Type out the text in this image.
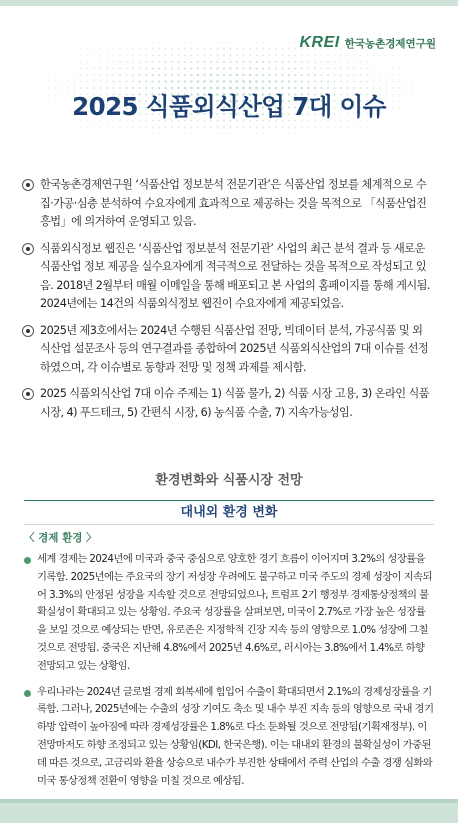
KREI 한국농촌경제연구원
2025 식품외식산업 7대 이슈
한국농촌경제연구원 ‘식품산업 정보분석 전문기관’은 식품산업 정보를 체계적으로 수집·가공·심층 분석하여 수요자에게 효과적으로 제공하는 것을 목적으로 「식품산업진흥법」에 의거하여 운영되고 있음.
식품외식정보 웹진은 ‘식품산업 정보분석 전문기관’ 사업의 최근 분석 결과 등 새로운 식품산업 정보 제공을 실수요자에게 적극적으로 전달하는 것을 목적으로 작성되고 있음. 2018년 2월부터 매월 이메일을 통해 배포되고 본 사업의 홈페이지를 통해 게시됨. 2024년에는 14건의 식품외식정보 웹진이 수요자에게 제공되었음.
2025년 제3호에서는 2024년 수행된 식품산업 전망, 빅데이터 분석, 가공식품 및 외식산업 설문조사 등의 연구결과를 종합하여 2025년 식품외식산업의 7대 이슈를 선정하였으며, 각 이슈별로 동향과 전망 및 정책 과제를 제시함.
2025 식품외식산업 7대 이슈 주제는 1) 식품 물가, 2) 식품 시장 고용, 3) 온라인 식품시장, 4) 푸드테크, 5) 간편식 시장, 6) 농식품 수출, 7) 지속가능성임.
환경변화와 식품시장 전망
대내외 환경 변화
〈 경제 환경 〉
세계 경제는 2024년에 미국과 중국 중심으로 양호한 경기 흐름이 이어지며 3.2%의 성장률을 기록함. 2025년에는 주요국의 장기 저성장 우려에도 불구하고 미국 주도의 경제 성장이 지속되어 3.3%의 안정된 성장을 지속할 것으로 전망되었으나, 트럼프 2기 행정부 경제통상정책의 불확실성이 확대되고 있는 상황임. 주요국 성장률을 살펴보면, 미국이 2.7%로 가장 높은 성장률을 보일 것으로 예상되는 반면, 유로존은 지정학적 긴장 지속 등의 영향으로 1.0% 성장에 그칠 것으로 전망됨. 중국은 지난해 4.8%에서 2025년 4.6%로, 러시아는 3.8%에서 1.4%로 하향 전망되고 있는 상황임.
우리나라는 2024년 글로벌 경제 회복세에 힘입어 수출이 확대되면서 2.1%의 경제성장률을 기록함. 그러나, 2025년에는 수출의 성장 기여도 축소 및 내수 부진 지속 등의 영향으로 국내 경기 하방 압력이 높아짐에 따라 경제성장률은 1.8%로 다소 둔화될 것으로 전망됨(기획재정부). 이 전망마저도 하향 조정되고 있는 상황임(KDI, 한국은행). 이는 대내외 환경의 불확실성이 가중된 데 따른 것으로, 고금리와 환율 상승으로 내수가 부진한 상태에서 주력 산업의 수출 경쟁 심화와 미국 통상정책 전환이 영향을 미칠 것으로 예상됨.
